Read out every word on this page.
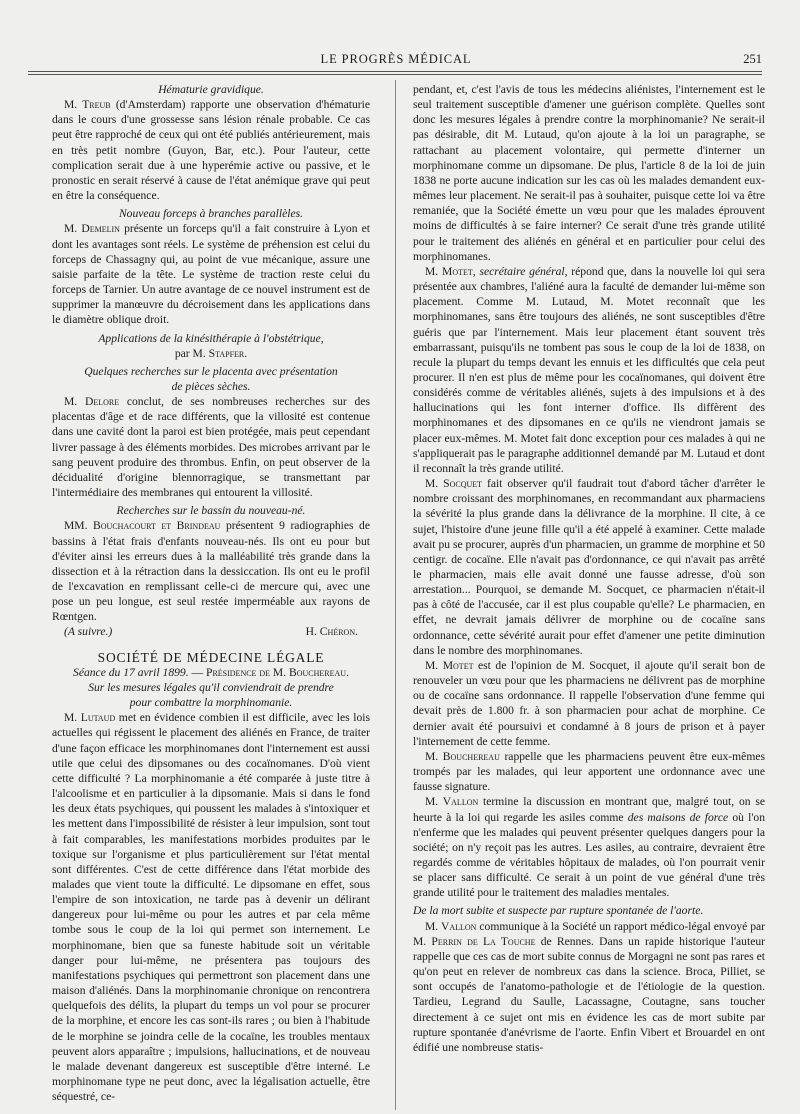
LE PROGRÈS MÉDICAL	251
Hématurie gravidique.

M. Treub (d'Amsterdam) rapporte une observation d'hématurie dans le cours d'une grossesse sans lésion rénale probable. Ce cas peut être rapproché de ceux qui ont été publiés antérieurement, mais en très petit nombre (Guyon, Bar, etc.). Pour l'auteur, cette complication serait due à une hyperémie active ou passive, et le pronostic en serait réservé à cause de l'état anémique grave qui peut en être la conséquence.

Nouveau forceps à branches parallèles.

M. Demelin présente un forceps qu'il a fait construire à Lyon et dont les avantages sont réels. Le système de préhension est celui du forceps de Chassagny qui, au point de vue mécanique, assure une saisie parfaite de la tête. Le système de traction reste celui du forceps de Tarnier. Un autre avantage de ce nouvel instrument est de supprimer la manœuvre du décroisement dans les applications dans le diamètre oblique droit.

Applications de la kinésithérapie à l'obstétrique,
par M. Stapfer.
Quelques recherches sur le placenta avec présentation
de pièces sèches.

M. Delore conclut, de ses nombreuses recherches sur des placentas d'âge et de race différents, que la villosité est contenue dans une cavité dont la paroi est bien protégée, mais peut cependant livrer passage à des éléments morbides. Des microbes arrivant par le sang peuvent produire des thrombus. Enfin, on peut observer de la décidualité d'origine blennorragique, se transmettant par l'intermédiaire des membranes qui entourent la villosité.

Recherches sur le bassin du nouveau-né.

MM. Bouchacourt et Brindeau présentent 9 radiographies de bassins à l'état frais d'enfants nouveau-nés. Ils ont eu pour but d'éviter ainsi les erreurs dues à la malléabilité très grande dans la dissection et à la rétraction dans la dessiccation. Ils ont eu le profil de l'excavation en remplissant celle-ci de mercure qui, avec une pose un peu longue, est seul restée imperméable aux rayons de Rœntgen.

(A suivre.)	H. Chéron.
SOCIÉTÉ DE MÉDECINE LÉGALE
Séance du 17 avril 1899. — Présidence de M. Bouchereau.
Sur les mesures légales qu'il conviendrait de prendre
pour combattre la morphinomanie.

M. Lutaud met en évidence combien il est difficile, avec les lois actuelles qui régissent le placement des aliénés en France, de traiter d'une façon efficace les morphinomanes dont l'internement est aussi utile que celui des dipsomanes ou des cocaïnomanes. D'où vient cette difficulté ? La morphinomanie a été comparée à juste titre à l'alcoolisme et en particulier à la dipsomanie. Mais si dans le fond les deux états psychiques, qui poussent les malades à s'intoxiquer et les mettent dans l'impossibilité de résister à leur impulsion, sont tout à fait comparables, les manifestations morbides produites par le toxique sur l'organisme et plus particulièrement sur l'état mental sont différentes. C'est de cette différence dans l'état morbide des malades que vient toute la difficulté. Le dipsomane en effet, sous l'empire de son intoxication, ne tarde pas à devenir un délirant dangereux pour lui-même ou pour les autres et par cela même tombe sous le coup de la loi qui permet son internement. Le morphinomane, bien que sa funeste habitude soit un véritable danger pour lui-même, ne présentera pas toujours des manifestations psychiques qui permettront son placement dans une maison d'aliénés. Dans la morphinomanie chronique on rencontrera quelquefois des délits, la plupart du temps un vol pour se procurer de la morphine, et encore les cas sont-ils rares ; ou bien à l'habitude de le morphine se joindra celle de la cocaïne, les troubles mentaux peuvent alors apparaître ; impulsions, hallucinations, et de nouveau le malade devenant dangereux est susceptible d'être interné. Le morphinomane type ne peut donc, avec la légalisation actuelle, être séquestré, ce-

pendant, et, c'est l'avis de tous les médecins aliénistes, l'internement est le seul traitement susceptible d'amener une guérison complète. Quelles sont donc les mesures légales à prendre contre la morphinomanie? Ne serait-il pas désirable, dit M. Lutaud, qu'on ajoute à la loi un paragraphe, se rattachant au placement volontaire, qui permette d'interner un morphinomane comme un dipsomane. De plus, l'article 8 de la loi de juin 1838 ne porte aucune indication sur les cas où les malades demandent eux-mêmes leur placement. Ne serait-il pas à souhaiter, puisque cette loi va être remaniée, que la Société émette un vœu pour que les malades éprouvent moins de difficultés à se faire interner? Ce serait d'une très grande utilité pour le traitement des aliénés en général et en particulier pour celui des morphinomanes.

M. Motet, secrétaire général, répond que, dans la nouvelle loi qui sera présentée aux chambres, l'aliéné aura la faculté de demander lui-même son placement. Comme M. Lutaud, M. Motet reconnaît que les morphinomanes, sans être toujours des aliénés, ne sont susceptibles d'être guéris que par l'internement. Mais leur placement étant souvent très embarrassant, puisqu'ils ne tombent pas sous le coup de la loi de 1838, on recule la plupart du temps devant les ennuis et les difficultés que cela peut procurer. Il n'en est plus de même pour les cocaïnomanes, qui doivent être considérés comme de véritables aliénés, sujets à des impulsions et à des hallucinations qui les font interner d'office. Ils diffèrent des morphinomanes et des dipsomanes en ce qu'ils ne viendront jamais se placer eux-mêmes. M. Motet fait donc exception pour ces malades à qui ne s'appliquerait pas le paragraphe additionnel demandé par M. Lutaud et dont il reconnaît la très grande utilité.

M. Socquet fait observer qu'il faudrait tout d'abord tâcher d'arrêter le nombre croissant des morphinomanes, en recommandant aux pharmaciens la sévérité la plus grande dans la délivrance de la morphine. Il cite, à ce sujet, l'histoire d'une jeune fille qu'il a été appelé à examiner. Cette malade avait pu se procurer, auprès d'un pharmacien, un gramme de morphine et 50 centigr. de cocaïne. Elle n'avait pas d'ordonnance, ce qui n'avait pas arrêté le pharmacien, mais elle avait donné une fausse adresse, d'où son arrestation... Pourquoi, se demande M. Socquet, ce pharmacien n'était-il pas à côté de l'accusée, car il est plus coupable qu'elle? Le pharmacien, en effet, ne devrait jamais délivrer de morphine ou de cocaïne sans ordonnance, cette sévérité aurait pour effet d'amener une petite diminution dans le nombre des morphinomanes.

M. Motet est de l'opinion de M. Socquet, il ajoute qu'il serait bon de renouveler un vœu pour que les pharmaciens ne délivrent pas de morphine ou de cocaïne sans ordonnance. Il rappelle l'observation d'une femme qui devait près de 1.800 fr. à son pharmacien pour achat de morphine. Ce dernier avait été poursuivi et condamné à 8 jours de prison et à payer l'internement de cette femme.

M. Bouchereau rappelle que les pharmaciens peuvent être eux-mêmes trompés par les malades, qui leur apportent une ordonnance avec une fausse signature.

M. Vallon termine la discussion en montrant que, malgré tout, on se heurte à la loi qui regarde les asiles comme des maisons de force où l'on n'enferme que les malades qui peuvent présenter quelques dangers pour la société; on n'y reçoit pas les autres. Les asiles, au contraire, devraient être regardés comme de véritables hôpitaux de malades, où l'on pourrait venir se placer sans difficulté. Ce serait à un point de vue général d'une très grande utilité pour le traitement des maladies mentales.

De la mort subite et suspecte par rupture spontanée de l'aorte.

M. Vallon communique à la Société un rapport médico-légal envoyé par M. Perrin de La Touche de Rennes. Dans un rapide historique l'auteur rappelle que ces cas de mort subite connus de Morgagni ne sont pas rares et qu'on peut en relever de nombreux cas dans la science. Broca, Pilliet, se sont occupés de l'anatomo-pathologie et de l'étiologie de la question. Tardieu, Legrand du Saulle, Lacassagne, Coutagne, sans toucher directement à ce sujet ont mis en évidence les cas de mort subite par rupture spontanée d'anévrisme de l'aorte. Enfin Vibert et Brouardel en ont édifié une nombreuse statis-
